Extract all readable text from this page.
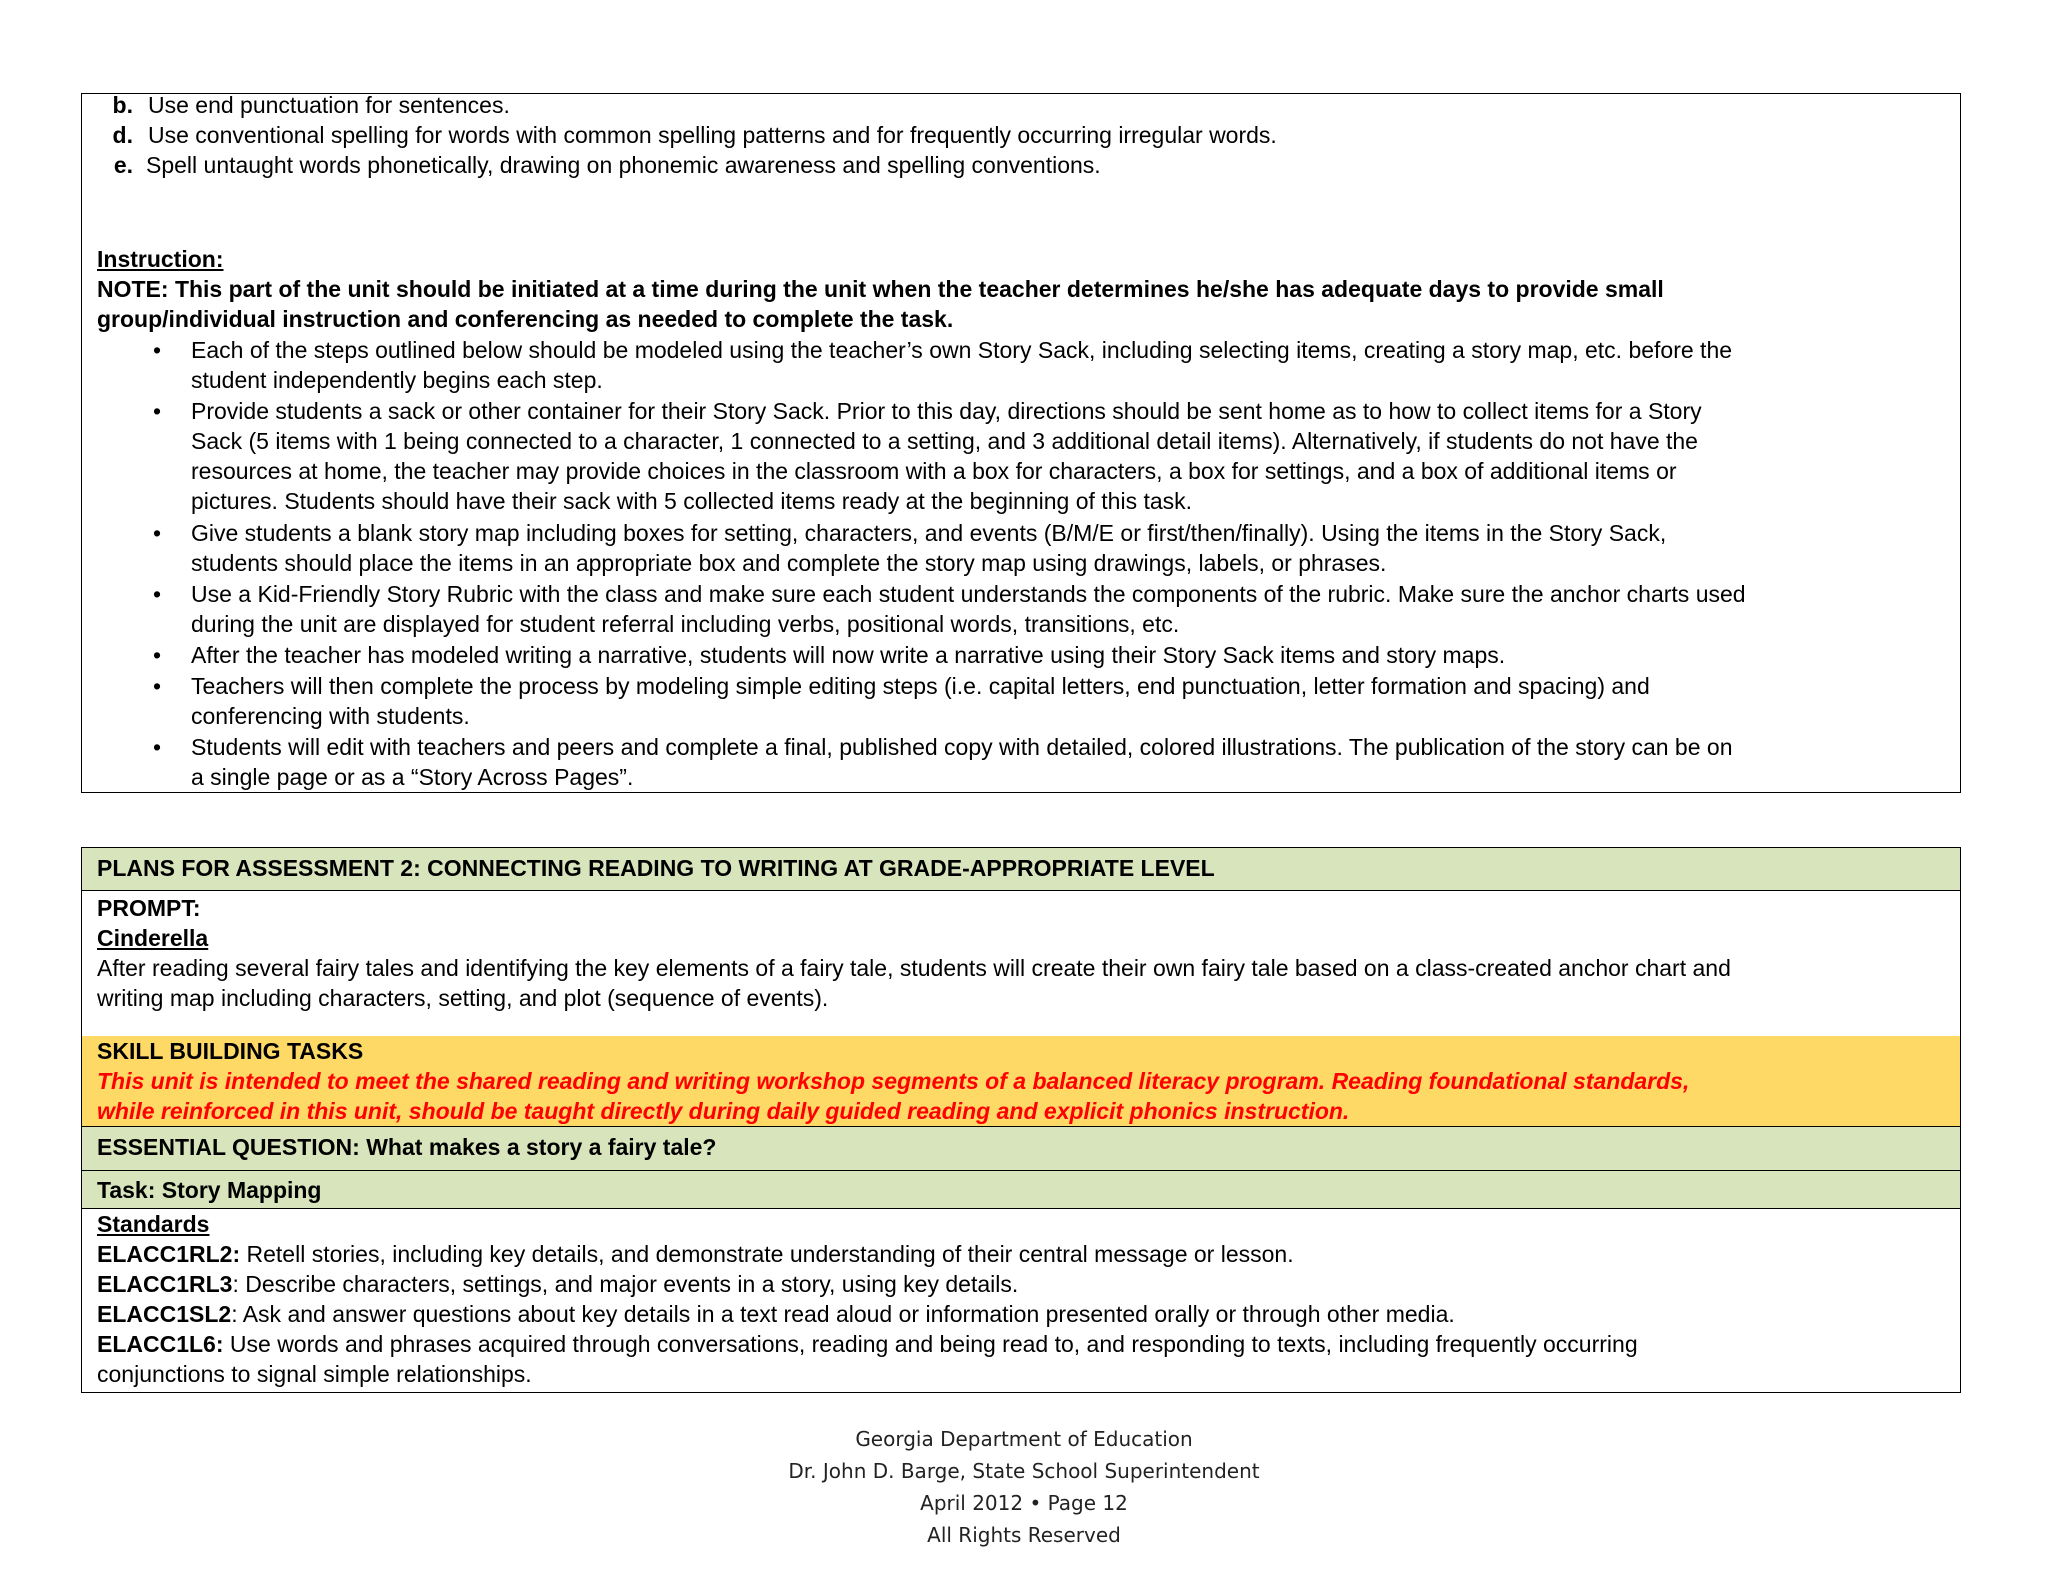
b. Use end punctuation for sentences.
d. Use conventional spelling for words with common spelling patterns and for frequently occurring irregular words.
e. Spell untaught words phonetically, drawing on phonemic awareness and spelling conventions.
Instruction:
NOTE: This part of the unit should be initiated at a time during the unit when the teacher determines he/she has adequate days to provide small
group/individual instruction and conferencing as needed to complete the task.
•	Each of the steps outlined below should be modeled using the teacher’s own Story Sack, including selecting items, creating a story map, etc. before the
student independently begins each step.
•	Provide students a sack or other container for their Story Sack. Prior to this day, directions should be sent home as to how to collect items for a Story
Sack (5 items with 1 being connected to a character, 1 connected to a setting, and 3 additional detail items). Alternatively, if students do not have the
resources at home, the teacher may provide choices in the classroom with a box for characters, a box for settings, and a box of additional items or
pictures. Students should have their sack with 5 collected items ready at the beginning of this task.
•	Give students a blank story map including boxes for setting, characters, and events (B/M/E or first/then/finally). Using the items in the Story Sack,
students should place the items in an appropriate box and complete the story map using drawings, labels, or phrases.
•	Use a Kid-Friendly Story Rubric with the class and make sure each student understands the components of the rubric. Make sure the anchor charts used
during the unit are displayed for student referral including verbs, positional words, transitions, etc.
•	After the teacher has modeled writing a narrative, students will now write a narrative using their Story Sack items and story maps.
•	Teachers will then complete the process by modeling simple editing steps (i.e. capital letters, end punctuation, letter formation and spacing) and
conferencing with students.
•	Students will edit with teachers and peers and complete a final, published copy with detailed, colored illustrations. The publication of the story can be on
a single page or as a “Story Across Pages”.
PLANS FOR ASSESSMENT 2: CONNECTING READING TO WRITING AT GRADE-APPROPRIATE LEVEL
PROMPT:
Cinderella
After reading several fairy tales and identifying the key elements of a fairy tale, students will create their own fairy tale based on a class-created anchor chart and
writing map including characters, setting, and plot (sequence of events).
SKILL BUILDING TASKS
This unit is intended to meet the shared reading and writing workshop segments of a balanced literacy program. Reading foundational standards,
while reinforced in this unit, should be taught directly during daily guided reading and explicit phonics instruction.
ESSENTIAL QUESTION: What makes a story a fairy tale?
Task: Story Mapping
Standards
ELACC1RL2: Retell stories, including key details, and demonstrate understanding of their central message or lesson.
ELACC1RL3: Describe characters, settings, and major events in a story, using key details.
ELACC1SL2: Ask and answer questions about key details in a text read aloud or information presented orally or through other media.
ELACC1L6: Use words and phrases acquired through conversations, reading and being read to, and responding to texts, including frequently occurring
conjunctions to signal simple relationships.
Georgia Department of Education
Dr. John D. Barge, State School Superintendent
April 2012 • Page 12
All Rights Reserved
